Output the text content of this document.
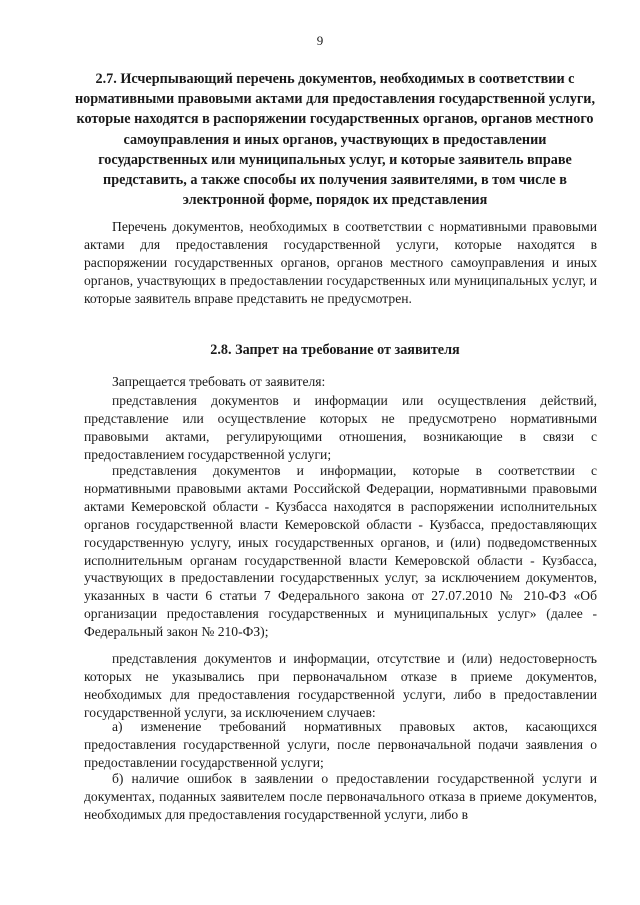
9
2.7. Исчерпывающий перечень документов, необходимых в соответствии с нормативными правовыми актами для предоставления государственной услуги, которые находятся в распоряжении государственных органов, органов местного самоуправления и иных органов, участвующих в предоставлении государственных или муниципальных услуг, и которые заявитель вправе представить, а также способы их получения заявителями, в том числе в электронной форме, порядок их представления
Перечень документов, необходимых в соответствии с нормативными правовыми актами для предоставления государственной услуги, которые находятся в распоряжении государственных органов, органов местного самоуправления и иных органов, участвующих в предоставлении государственных или муниципальных услуг, и которые заявитель вправе представить не предусмотрен.
2.8. Запрет на требование от заявителя
Запрещается требовать от заявителя:
представления документов и информации или осуществления действий, представление или осуществление которых не предусмотрено нормативными правовыми актами, регулирующими отношения, возникающие в связи с предоставлением государственной услуги;
представления документов и информации, которые в соответствии с нормативными правовыми актами Российской Федерации, нормативными правовыми актами Кемеровской области - Кузбасса находятся в распоряжении исполнительных органов государственной власти Кемеровской области - Кузбасса, предоставляющих государственную услугу, иных государственных органов, и (или) подведомственных исполнительным органам государственной власти Кемеровской области - Кузбасса, участвующих в предоставлении государственных услуг, за исключением документов, указанных в части 6 статьи 7 Федерального закона от 27.07.2010 № 210-ФЗ «Об организации предоставления государственных и муниципальных услуг» (далее - Федеральный закон № 210-ФЗ);
представления документов и информации, отсутствие и (или) недостоверность которых не указывались при первоначальном отказе в приеме документов, необходимых для предоставления государственной услуги, либо в предоставлении государственной услуги, за исключением случаев:
а) изменение требований нормативных правовых актов, касающихся предоставления государственной услуги, после первоначальной подачи заявления о предоставлении государственной услуги;
б) наличие ошибок в заявлении о предоставлении государственной услуги и документах, поданных заявителем после первоначального отказа в приеме документов, необходимых для предоставления государственной услуги, либо в
